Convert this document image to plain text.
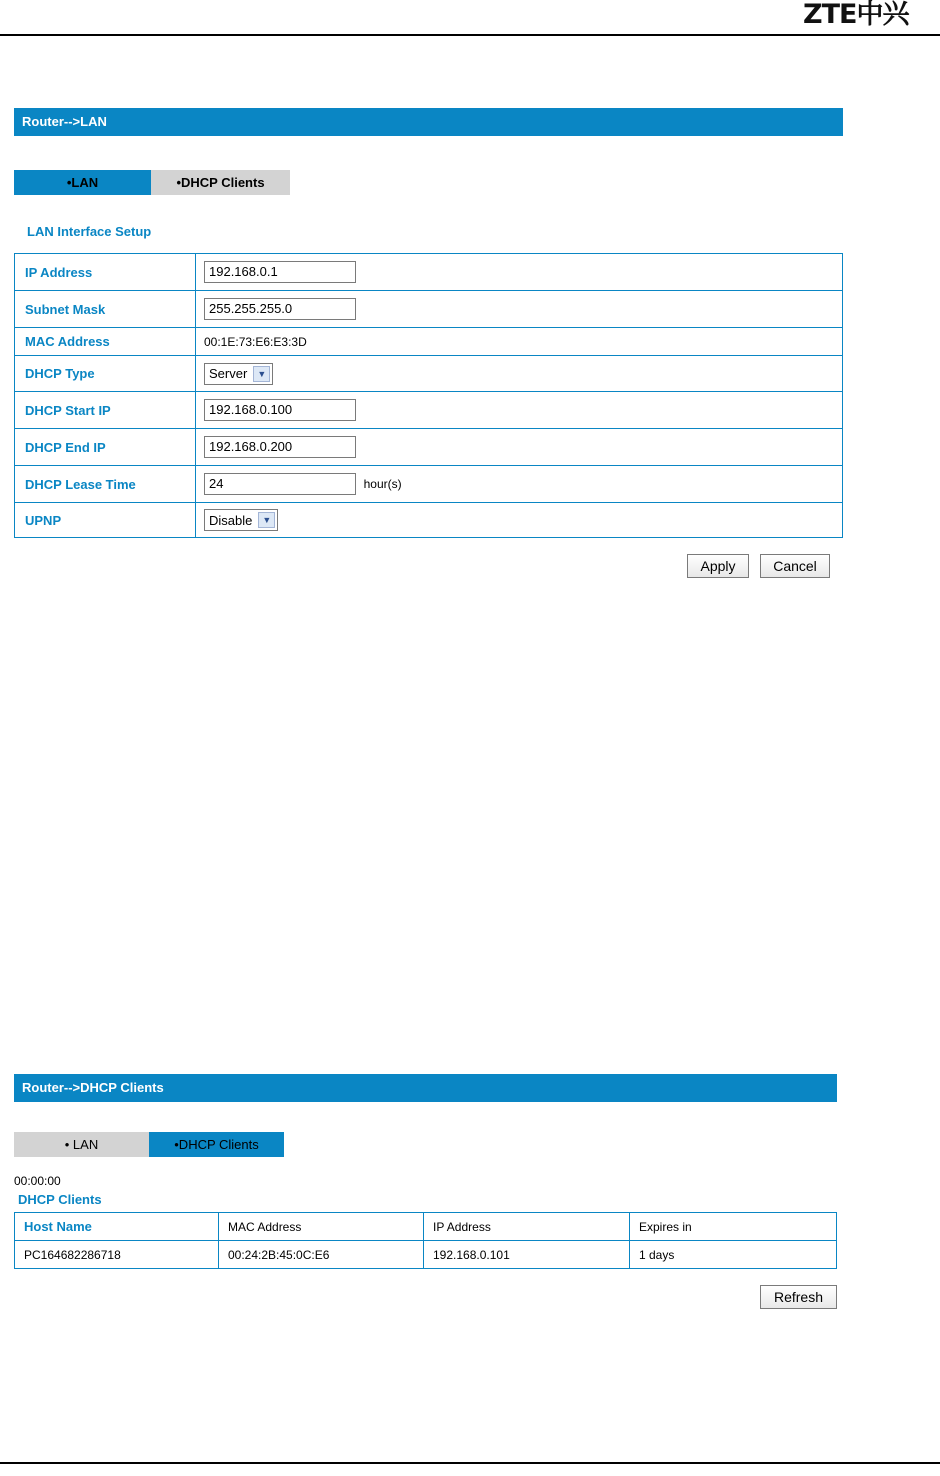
ZTE中兴
Router-->LAN
•LAN	•DHCP Clients
LAN Interface Setup
IP Address	192.168.0.1
Subnet Mask	255.255.255.0
MAC Address	00:1E:73:E6:E3:3D
DHCP Type	Server ▼

DHCP Start IP	192.168.0.100
DHCP End IP	192.168.0.200
DHCP Lease Time	24 hour(s)
UPNP	Disable ▼
Apply	Cancel
Router-->DHCP Clients
• LAN	•DHCP Clients
00:00:00
DHCP Clients
Host Name	MAC Address	IP Address	Expires in
PC164682286718	00:24:2B:45:0C:E6	192.168.0.101	1 days
Refresh
